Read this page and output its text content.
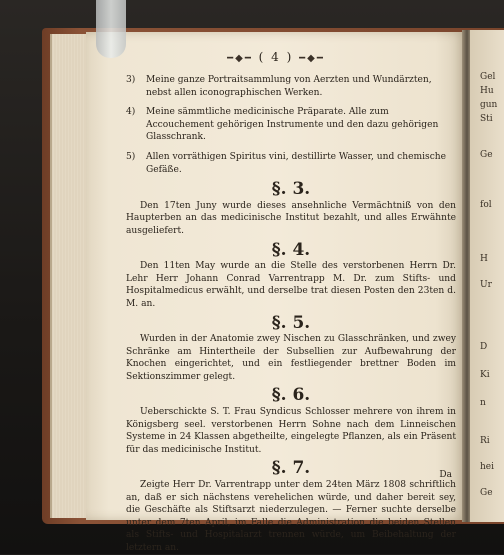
━◆━ ( 4 ) ━◆━
3)	Meine ganze Portraitsammlung von Aerzten und Wundärzten, nebst allen iconographischen Werken.
4)	Meine sämmtliche medicinische Präparate. Alle zum Accouchement gehörigen Instrumente und den dazu gehörigen Glasschrank.
5)	Allen vorräthigen Spiritus vini, destillirte Wasser, und chemische Gefäße.
§. 3.
Den 17ten Juny wurde dieses ansehnliche Vermächtniß von den Haupterben an das medicinische Institut bezahlt, und alles Erwähnte ausgeliefert.
§. 4.
Den 11ten May wurde an die Stelle des verstorbenen Herrn Dr. Lehr Herr Johann Conrad Varrentrapp M. Dr. zum Stifts- und Hospitalmedicus erwählt, und derselbe trat diesen Posten den 23ten d. M. an.
§. 5.
Wurden in der Anatomie zwey Nischen zu Glasschränken, und zwey Schränke am Hintertheile der Subsellien zur Aufbewahrung der Knochen eingerichtet, und ein festliegender brettner Boden im Sektionszimmer gelegt.
§. 6.
Ueberschickte S. T. Frau Syndicus Schlosser mehrere von ihrem in Königsberg seel. verstorbenen Herrn Sohne nach dem Linneischen Systeme in 24 Klassen abgetheilte, eingelegte Pflanzen, als ein Präsent für das medicinische Institut.
§. 7.
Zeigte Herr Dr. Varrentrapp unter dem 24ten März 1808 schriftlich an, daß er sich nächstens verehelichen würde, und daher bereit sey, die Geschäfte als Stiftsarzt niederzulegen. — Ferner suchte derselbe unter dem 7ten April, im Falle die Administration die beiden Stellen als Stifts- und Hospitalarzt trennen würde, um Beibehaltung der letztern an.
Da
Gel
Hu
gun
Sti
Ge
fol
H
Ur
D
Ki
n
Ri
hei
Ge
